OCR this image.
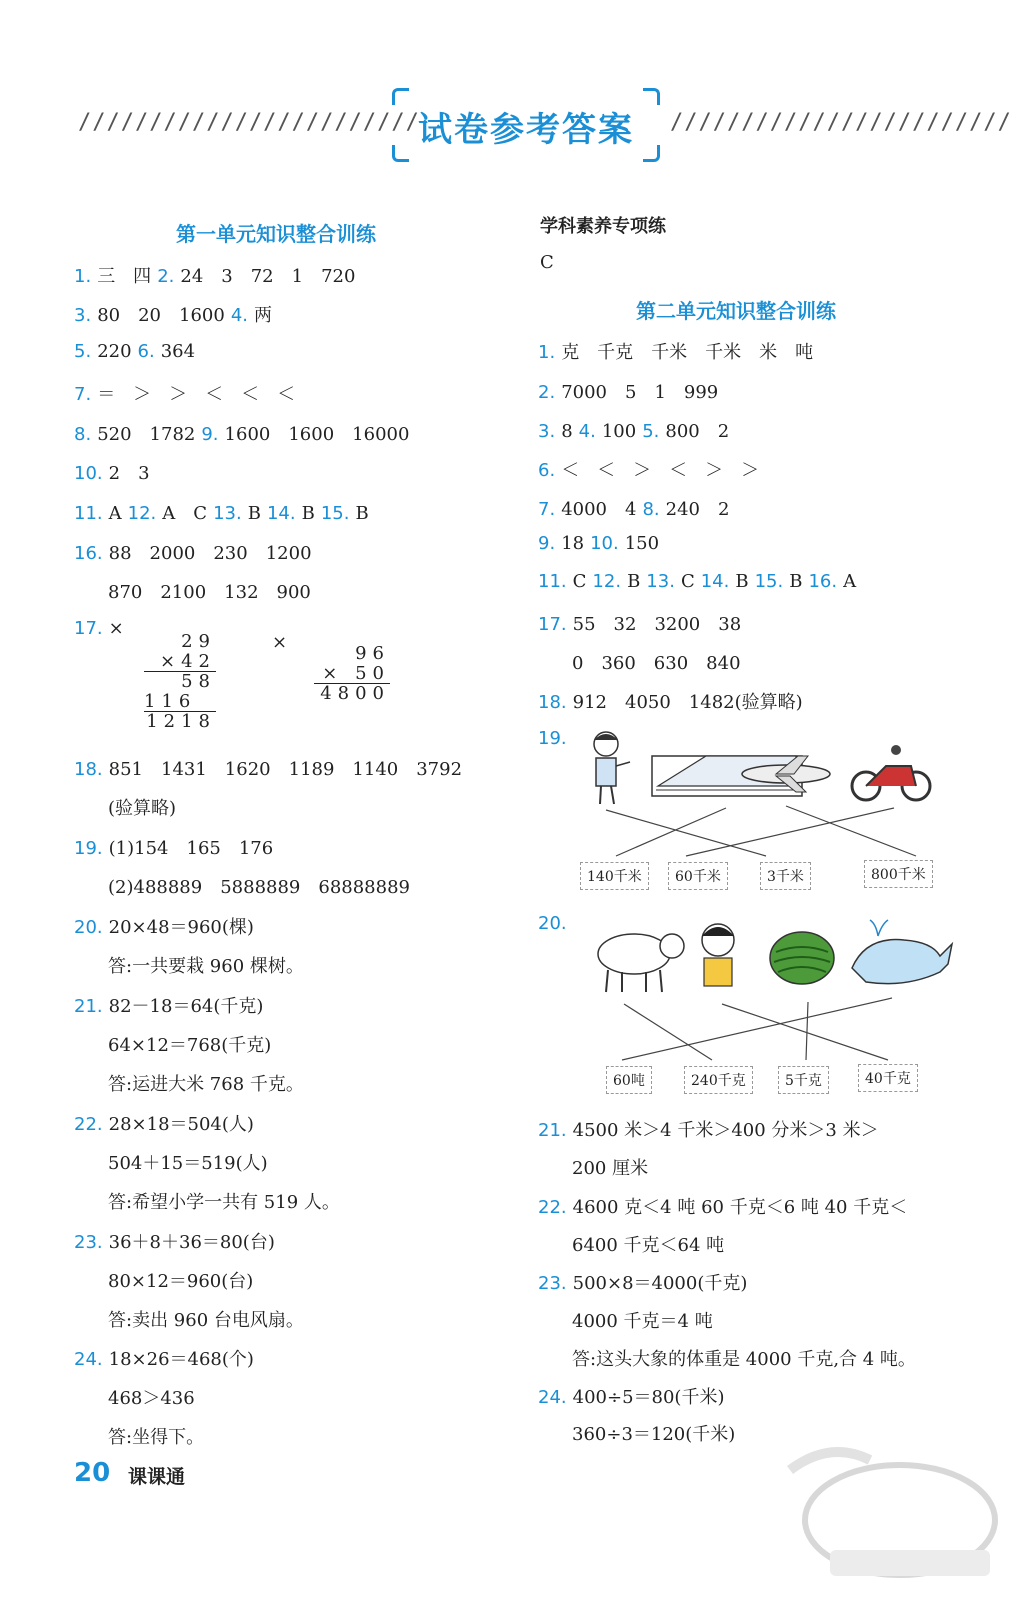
////////////////////////	////////////////////////
试卷参考答案
第一单元知识整合训练
1. 三　四 2. 24　3　72　1　720
3. 80　20　1600 4. 两
5. 220 6. 364
7. ＝　＞　＞　＜　＜　＜
8. 520　1782 9. 1600　1600　16000
10. 2　3
11. A 12. A　C 13. B 14. B 15. B
16. 88　2000　230　1200
870　2100　132　900
17. ×
18. 851　1431　1620　1189　1140　3792
(验算略)
19. (1)154　165　176
(2)488889　5888889　68888889
20. 20×48＝960(棵)
答:一共要栽 960 棵树。
21. 82－18＝64(千克)
64×12＝768(千克)
答:运进大米 768 千克。
22. 28×18＝504(人)
504＋15＝519(人)
答:希望小学一共有 519 人。
23. 36＋8＋36＝80(台)
80×12＝960(台)
答:卖出 960 台电风扇。
24. 18×26＝468(个)
468＞436
答:坐得下。
×
29
×42
58
116
1218
96
× 50
4800
学科素养专项练
C
第二单元知识整合训练
1. 克　千克　千米　千米　米　吨
2. 7000　5　1　999
3. 8 4. 100 5. 800　2
6. ＜　＜　＞　＜　＞　＞
7. 4000　4 8. 240　2
9. 18 10. 150
11. C 12. B 13. C 14. B 15. B 16. A
17. 55　32　3200　38
0　360　630　840
18. 912　4050　1482(验算略)
19.
20.
21. 4500 米＞4 千米＞400 分米＞3 米＞
200 厘米
22. 4600 克＜4 吨 60 千克＜6 吨 40 千克＜
6400 千克＜64 吨
23. 500×8＝4000(千克)
4000 千克＝4 吨
答:这头大象的体重是 4000 千克,合 4 吨。
24. 400÷5＝80(千米)
360÷3＝120(千米)
140千米	60千米	3千米	800千米
60吨	240千克	5千克	40千克
20 课课通
